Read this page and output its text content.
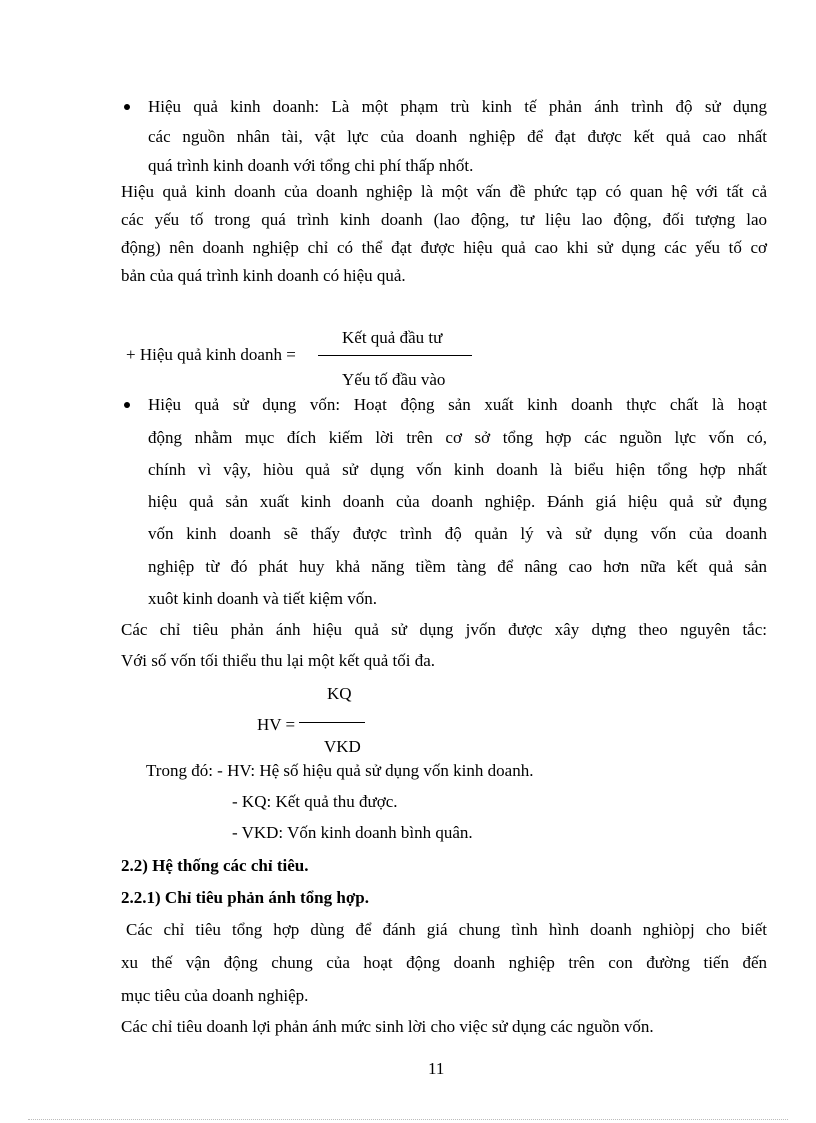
Hiệu quả kinh doanh: Là một phạm trù kinh tế phản ánh trình độ sử dụng
các nguồn nhân tài, vật lực của doanh nghiệp để đạt được kết quả cao nhất
quá trình kinh doanh với tổng chi phí thấp nhốt.
Hiệu quả kinh doanh của doanh nghiệp là một vấn đề phức tạp có quan hệ với tất cả
các yếu tố trong quá trình kinh doanh (lao động, tư liệu lao động, đối tượng lao
động) nên doanh nghiệp chỉ có thể đạt được hiệu quả cao khi sử dụng các yếu tố cơ
bản của quá trình kinh doanh có hiệu quả.
Kết quả đầu tư
+ Hiệu quả kinh doanh =
Yếu tố đầu vào
Hiệu quả sử dụng vốn: Hoạt động sản xuất kinh doanh thực chất là hoạt
động nhằm mục đích kiếm lời trên cơ sở tổng hợp các nguồn lực vốn có,
chính vì vậy, hiòu quả sử dụng vốn kinh doanh là biểu hiện tổng hợp nhất
hiệu quả sản xuất kinh doanh của doanh nghiệp. Đánh giá hiệu quả sử đụng
vốn kinh doanh sẽ thấy được trình độ quản lý và sử dụng vốn của doanh
nghiệp từ đó phát huy khả năng tiềm tàng để nâng cao hơn nữa kết quả sản
xuôt kinh doanh và tiết kiệm vốn.
Các chỉ tiêu phản ánh hiệu quả sử dụng jvốn được xây dựng theo nguyên tắc:
Với số vốn tối thiểu thu lại một kết quả tối đa.
KQ
HV =
VKD
Trong đó: - HV: Hệ số hiệu quả sử dụng vốn kinh doanh.
- KQ: Kết quả thu được.
- VKD: Vốn kinh doanh bình quân.
2.2) Hệ thống các chỉ tiêu.
2.2.1) Chỉ tiêu phản ánh tổng hợp.
Các chỉ tiêu tổng hợp dùng để đánh giá chung tình hình doanh nghiòpj cho biết
xu thế vận động chung của hoạt động doanh nghiệp trên con đường tiến đến
mục tiêu của doanh nghiệp.
Các chỉ tiêu doanh lợi phản ánh mức sinh lời cho việc sử dụng các nguồn vốn.
11
